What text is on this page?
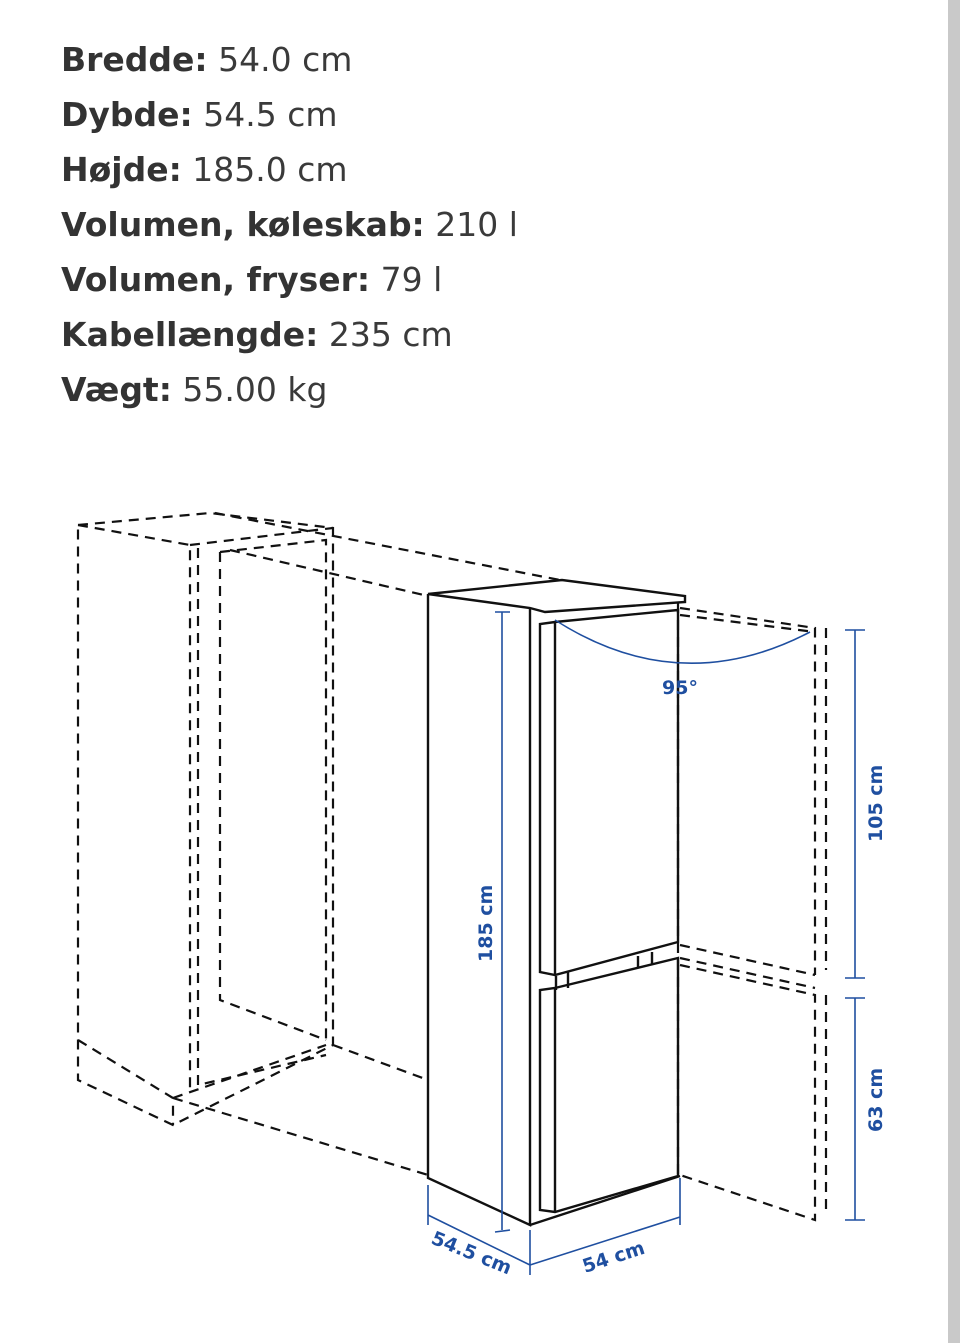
Bredde: 54.0 cm
Dybde: 54.5 cm
Højde: 185.0 cm
Volumen, køleskab: 210 l
Volumen, fryser: 79 l
Kabellængde: 235 cm
Vægt: 55.00 kg
95°
185 cm
105 cm
63 cm
54.5 cm	54 cm
